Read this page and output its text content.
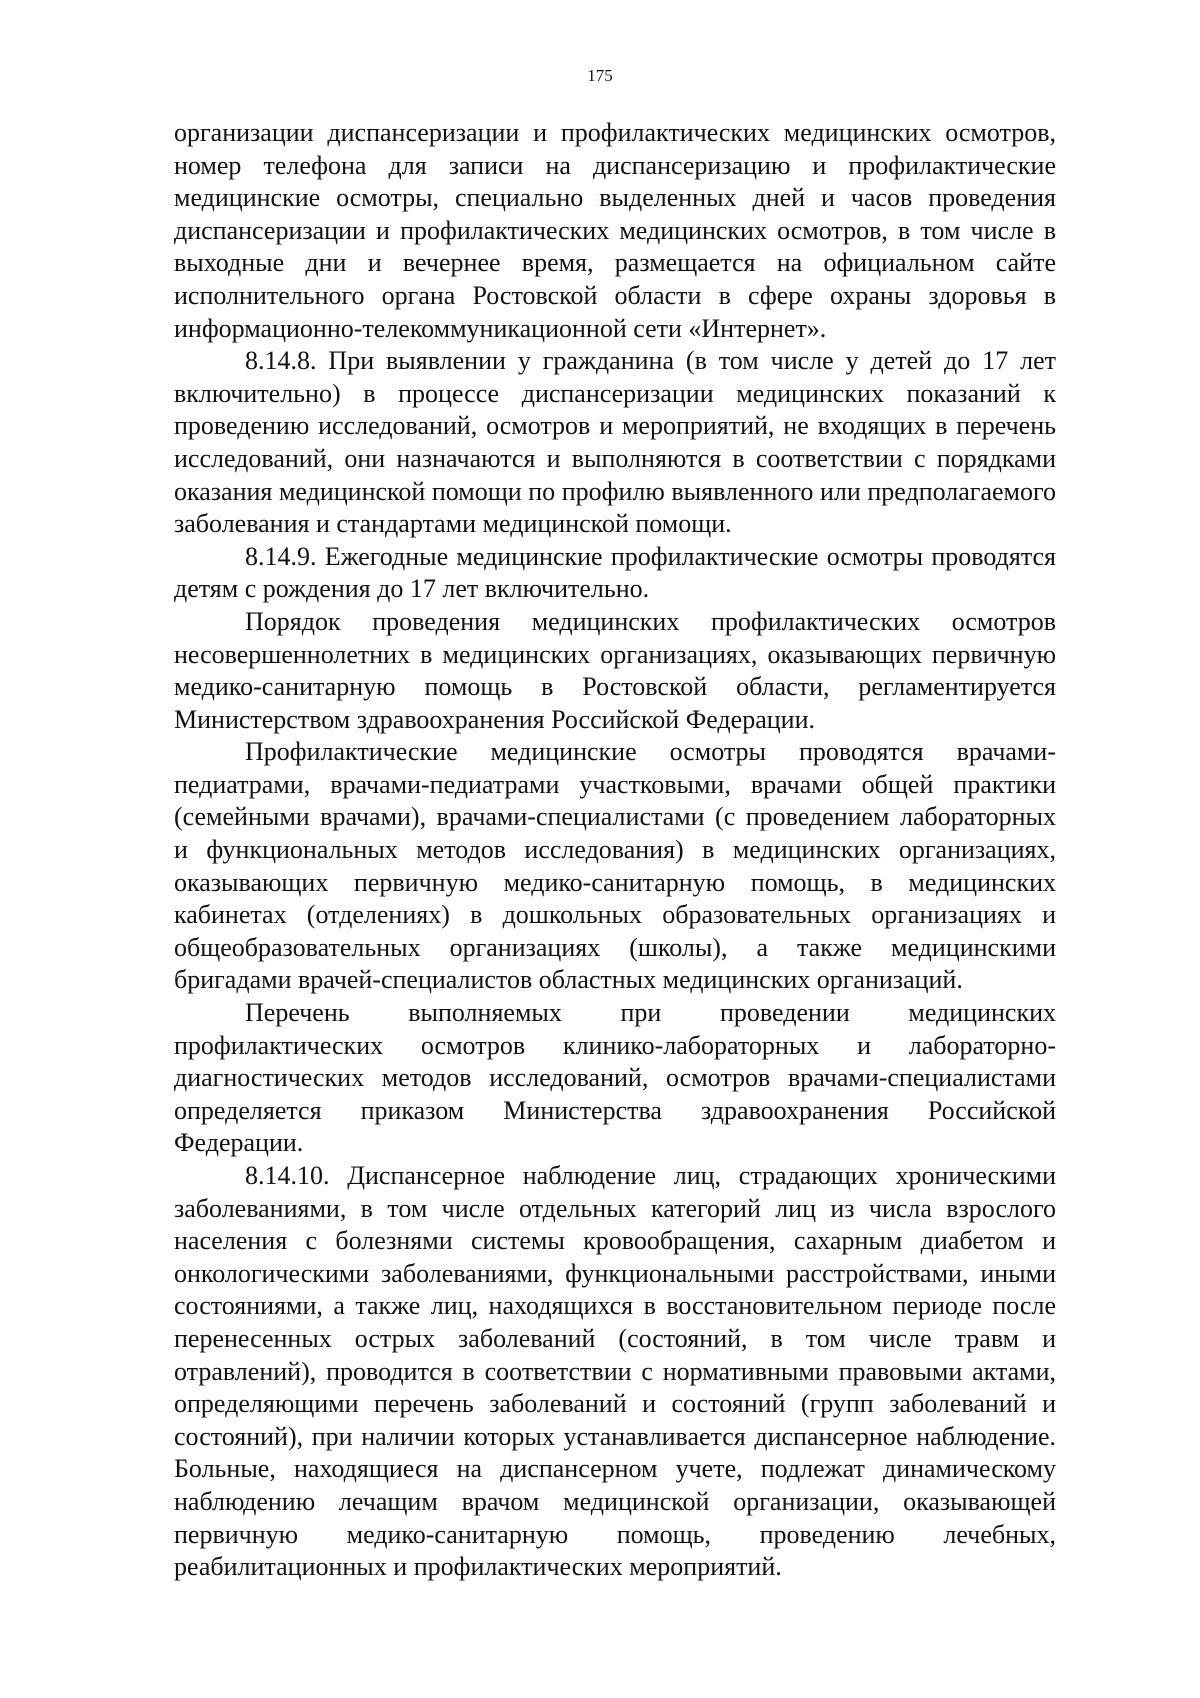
175

организации диспансеризации и профилактических медицинских осмотров, номер телефона для записи на диспансеризацию и профилактические медицинские осмотры, специально выделенных дней и часов проведения диспансеризации и профилактических медицинских осмотров, в том числе в выходные дни и вечернее время, размещается на официальном сайте исполнительного органа Ростовской области в сфере охраны здоровья в информационно-телекоммуникационной сети «Интернет».

8.14.8. При выявлении у гражданина (в том числе у детей до 17 лет включительно) в процессе диспансеризации медицинских показаний к проведению исследований, осмотров и мероприятий, не входящих в перечень исследований, они назначаются и выполняются в соответствии с порядками оказания медицинской помощи по профилю выявленного или предполагаемого заболевания и стандартами медицинской помощи.

8.14.9. Ежегодные медицинские профилактические осмотры проводятся детям с рождения до 17 лет включительно.

Порядок проведения медицинских профилактических осмотров несовершеннолетних в медицинских организациях, оказывающих первичную медико-санитарную помощь в Ростовской области, регламентируется Министерством здравоохранения Российской Федерации.

Профилактические медицинские осмотры проводятся врачами-педиатрами, врачами-педиатрами участковыми, врачами общей практики (семейными врачами), врачами-специалистами (с проведением лабораторных и функциональных методов исследования) в медицинских организациях, оказывающих первичную медико-санитарную помощь, в медицинских кабинетах (отделениях) в дошкольных образовательных организациях и общеобразовательных организациях (школы), а также медицинскими бригадами врачей-специалистов областных медицинских организаций.

Перечень выполняемых при проведении медицинских профилактических осмотров клинико-лабораторных и лабораторно-диагностических методов исследований, осмотров врачами-специалистами определяется приказом Министерства здравоохранения Российской Федерации.

8.14.10. Диспансерное наблюдение лиц, страдающих хроническими заболеваниями, в том числе отдельных категорий лиц из числа взрослого населения с болезнями системы кровообращения, сахарным диабетом и онкологическими заболеваниями, функциональными расстройствами, иными состояниями, а также лиц, находящихся в восстановительном периоде после перенесенных острых заболеваний (состояний, в том числе травм и отравлений), проводится в соответствии с нормативными правовыми актами, определяющими перечень заболеваний и состояний (групп заболеваний и состояний), при наличии которых устанавливается диспансерное наблюдение. Больные, находящиеся на диспансерном учете, подлежат динамическому наблюдению лечащим врачом медицинской организации, оказывающей первичную медико-санитарную помощь, проведению лечебных, реабилитационных и профилактических мероприятий.
